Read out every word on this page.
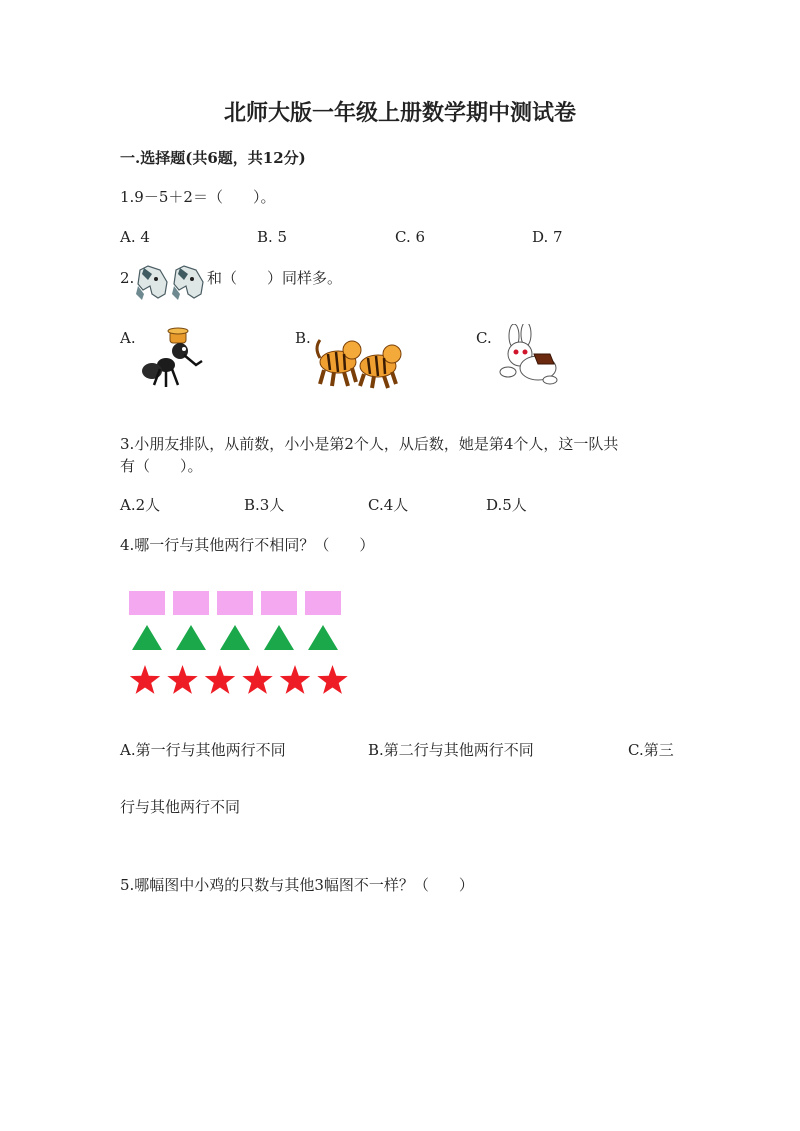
北师大版一年级上册数学期中测试卷
一.选择题(共6题，共12分)
1.9－5＋2＝（　　）。
A. 4	B. 5	C. 6	D. 7
2.	和（　　）同样多。
A.	B.	C.
3.小朋友排队，从前数，小小是第2个人，从后数，她是第4个人，这一队共
有（　　）。
A.2人	B.3人	C.4人	D.5人
4.哪一行与其他两行不相同？（　　）
A.第一行与其他两行不同	B.第二行与其他两行不同	C.第三
行与其他两行不同
5.哪幅图中小鸡的只数与其他3幅图不一样？（　　）
